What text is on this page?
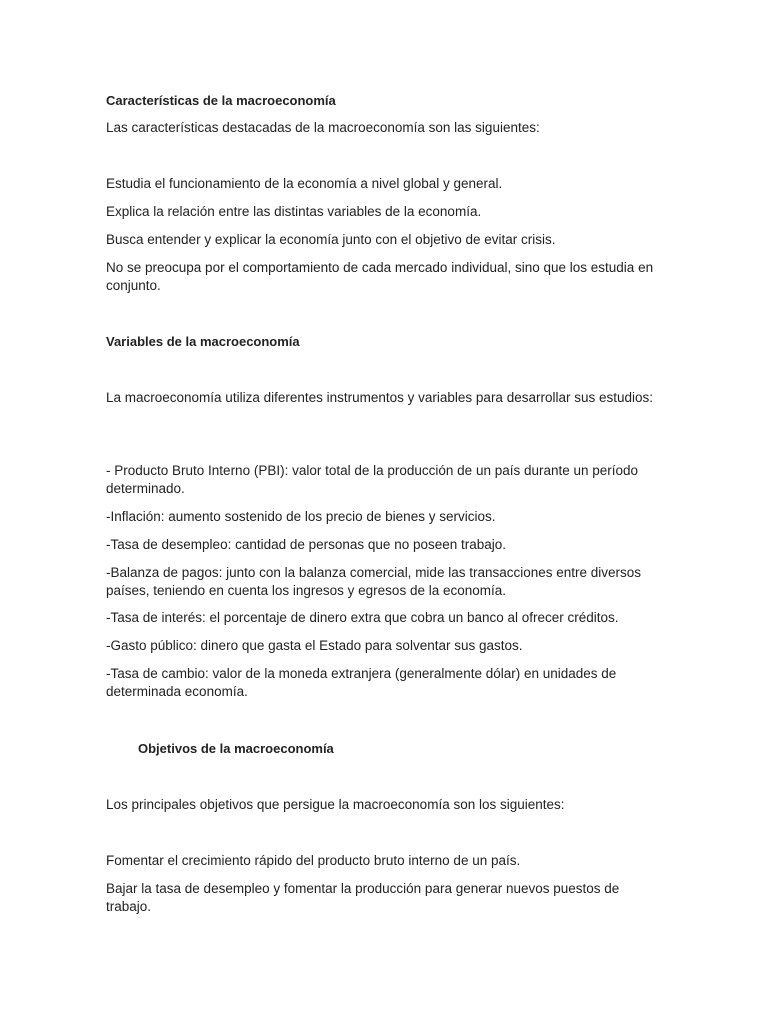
Características de la macroeconomía

Las características destacadas de la macroeconomía son las siguientes:

Estudia el funcionamiento de la economía a nivel global y general.

Explica la relación entre las distintas variables de la economía.

Busca entender y explicar la economía junto con el objetivo de evitar crisis.

No se preocupa por el comportamiento de cada mercado individual, sino que los estudia en conjunto.

Variables de la macroeconomía

La macroeconomía utiliza diferentes instrumentos y variables para desarrollar sus estudios:

- Producto Bruto Interno (PBI): valor total de la producción de un país durante un período determinado.

-Inflación: aumento sostenido de los precio de bienes y servicios.

-Tasa de desempleo: cantidad de personas que no poseen trabajo.

-Balanza de pagos: junto con la balanza comercial, mide las transacciones entre diversos países, teniendo en cuenta los ingresos y egresos de la economía.

-Tasa de interés: el porcentaje de dinero extra que cobra un banco al ofrecer créditos.

-Gasto público: dinero que gasta el Estado para solventar sus gastos.

-Tasa de cambio: valor de la moneda extranjera (generalmente dólar) en unidades de determinada economía.

Objetivos de la macroeconomía

Los principales objetivos que persigue la macroeconomía son los siguientes:

Fomentar el crecimiento rápido del producto bruto interno de un país.

Bajar la tasa de desempleo y fomentar la producción para generar nuevos puestos de trabajo.
